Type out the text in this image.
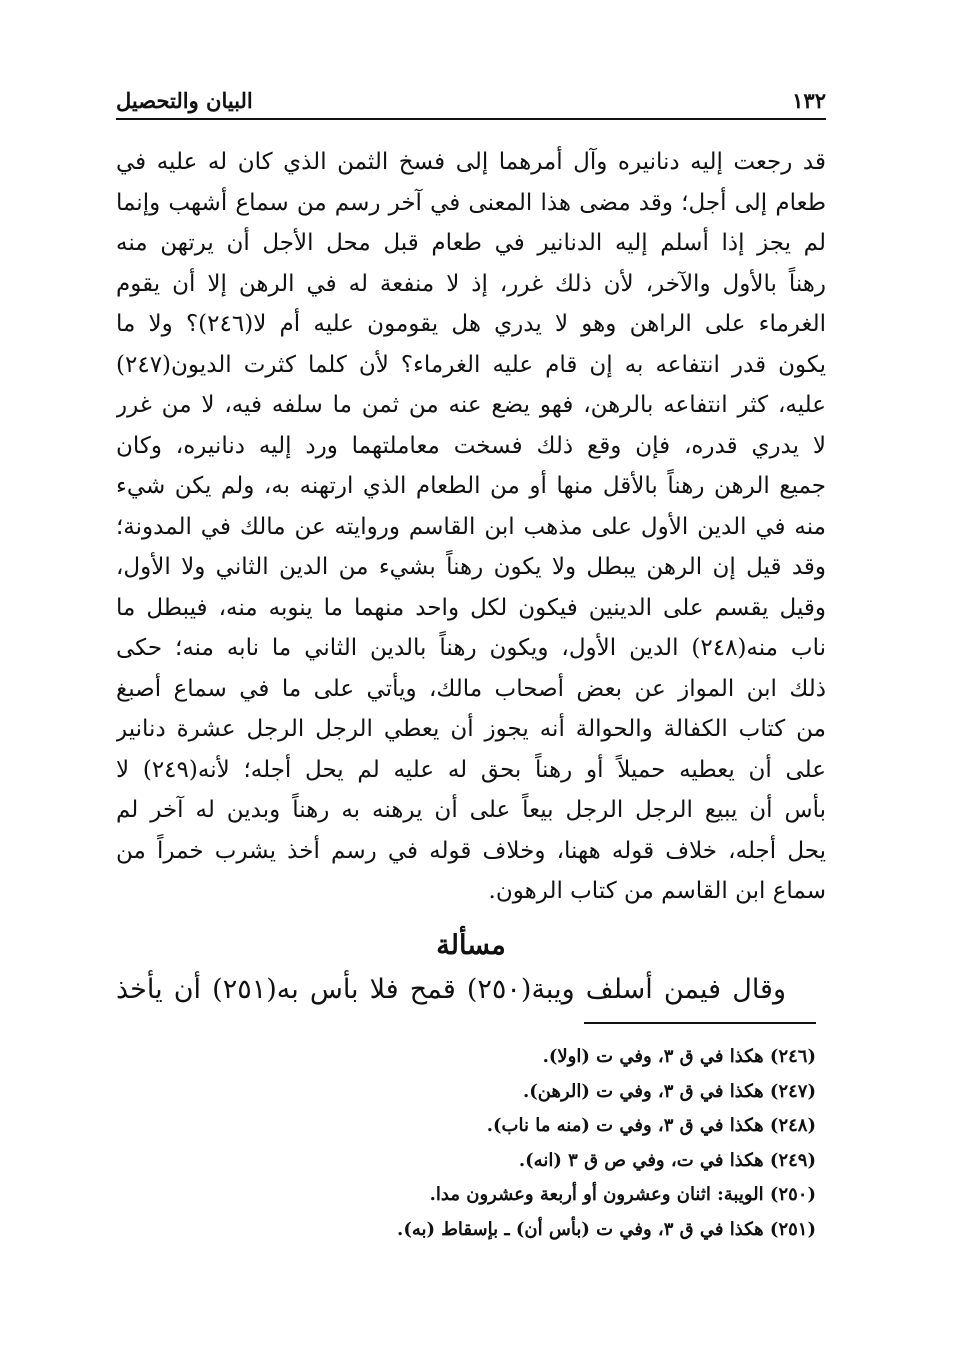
١٣٢
البيان والتحصيل
قد رجعت إليه دنانيره وآل أمرهما إلى فسخ الثمن الذي كان له عليه في
طعام إلى أجل؛ وقد مضى هذا المعنى في آخر رسم من سماع أشهب وإنما
لم يجز إذا أسلم إليه الدنانير في طعام قبل محل الأجل أن يرتهن منه
رهناً بالأول والآخر، لأن ذلك غرر، إذ لا منفعة له في الرهن إلا أن يقوم
الغرماء على الراهن وهو لا يدري هل يقومون عليه أم لا(٢٤٦)؟ ولا ما
يكون قدر انتفاعه به إن قام عليه الغرماء؟ لأن كلما كثرت الديون(٢٤٧)
عليه، كثر انتفاعه بالرهن، فهو يضع عنه من ثمن ما سلفه فيه، لا من غرر
لا يدري قدره، فإن وقع ذلك فسخت معاملتهما ورد إليه دنانيره، وكان
جميع الرهن رهناً بالأقل منها أو من الطعام الذي ارتهنه به، ولم يكن شيء
منه في الدين الأول على مذهب ابن القاسم وروايته عن مالك في المدونة؛
وقد قيل إن الرهن يبطل ولا يكون رهناً بشيء من الدين الثاني ولا الأول،
وقيل يقسم على الدينين فيكون لكل واحد منهما ما ينوبه منه، فيبطل ما
ناب منه(٢٤٨) الدين الأول، ويكون رهناً بالدين الثاني ما نابه منه؛ حكى
ذلك ابن المواز عن بعض أصحاب مالك، ويأتي على ما في سماع أصبغ
من كتاب الكفالة والحوالة أنه يجوز أن يعطي الرجل الرجل عشرة دنانير
على أن يعطيه حميلاً أو رهناً بحق له عليه لم يحل أجله؛ لأنه(٢٤٩) لا
بأس أن يبيع الرجل الرجل بيعاً على أن يرهنه به رهناً وبدين له آخر لم
يحل أجله، خلاف قوله ههنا، وخلاف قوله في رسم أخذ يشرب خمراً من
سماع ابن القاسم من كتاب الرهون.
مسألة
وقال فيمن أسلف ويبة(٢٥٠) قمح فلا بأس به(٢٥١) أن يأخذ
(٢٤٦) هكذا في ق ٣، وفي ت (اولا).
(٢٤٧) هكذا في ق ٣، وفي ت (الرهن).
(٢٤٨) هكذا في ق ٣، وفي ت (منه ما ناب).
(٢٤٩) هكذا في ت، وفي ص ق ٣ (انه).
(٢٥٠) الويبة: اثنان وعشرون أو أربعة وعشرون مدا.
(٢٥١) هكذا في ق ٣، وفي ت (بأس أن) ـ بإسقاط (به).
